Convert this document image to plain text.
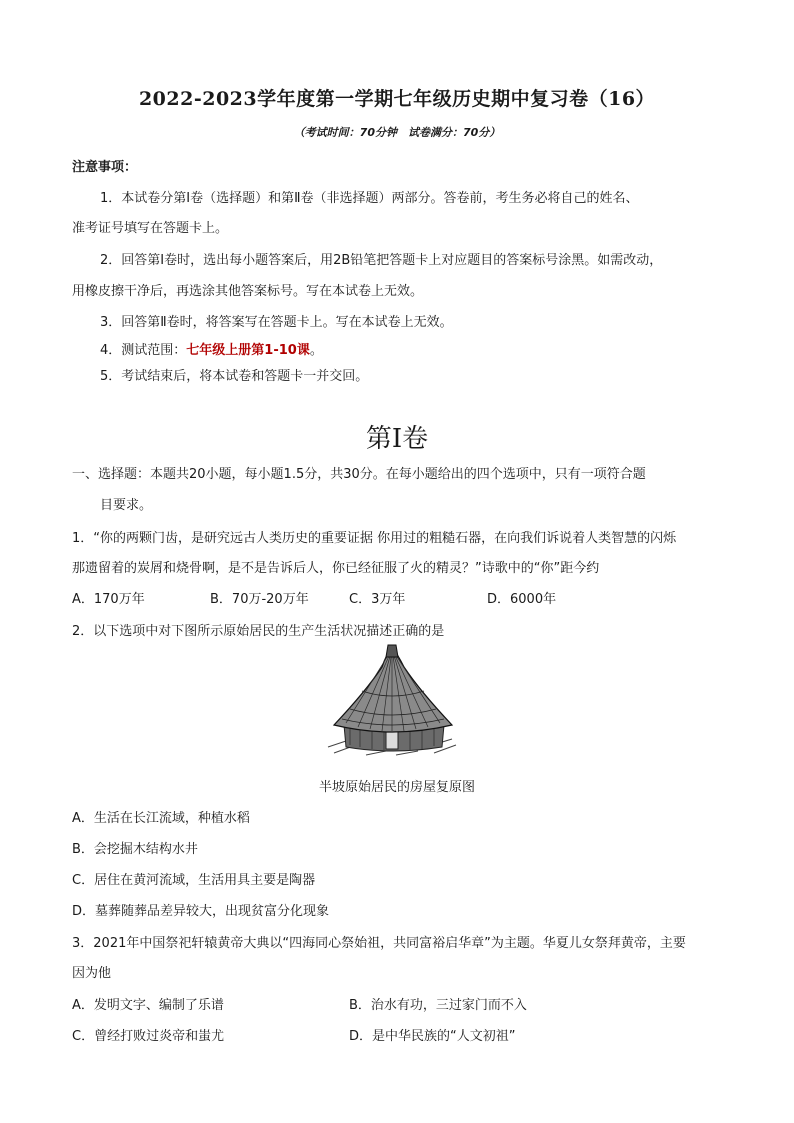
2022-2023学年度第一学期七年级历史期中复习卷（16）
（考试时间：70分钟　试卷满分：70分）
注意事项：
1．本试卷分第Ⅰ卷（选择题）和第Ⅱ卷（非选择题）两部分。答卷前，考生务必将自己的姓名、
准考证号填写在答题卡上。
2．回答第Ⅰ卷时，选出每小题答案后，用2B铅笔把答题卡上对应题目的答案标号涂黑。如需改动，
用橡皮擦干净后，再选涂其他答案标号。写在本试卷上无效。
3．回答第Ⅱ卷时，将答案写在答题卡上。写在本试卷上无效。
4．测试范围：七年级上册第1-10课。
5．考试结束后，将本试卷和答题卡一并交回。
第Ⅰ卷
一、选择题：本题共20小题，每小题1.5分，共30分。在每小题给出的四个选项中，只有一项符合题
目要求。
1．“你的两颗门齿，是研究远古人类历史的重要证据 你用过的粗糙石器，在向我们诉说着人类智慧的闪烁
那遗留着的炭屑和烧骨啊，是不是告诉后人，你已经征服了火的精灵？”诗歌中的“你”距今约
A．170万年	B．70万-20万年	C．3万年	D．6000年
2．以下选项中对下图所示原始居民的生产生活状况描述正确的是
半坡原始居民的房屋复原图
A．生活在长江流域，种植水稻
B．会挖掘木结构水井
C．居住在黄河流域，生活用具主要是陶器
D．墓葬随葬品差异较大，出现贫富分化现象
3．2021年中国祭祀轩辕黄帝大典以“四海同心祭始祖，共同富裕启华章”为主题。华夏儿女祭拜黄帝，主要
因为他
A．发明文字、编制了乐谱	B．治水有功，三过家门而不入
C．曾经打败过炎帝和蚩尤	D．是中华民族的“人文初祖”
